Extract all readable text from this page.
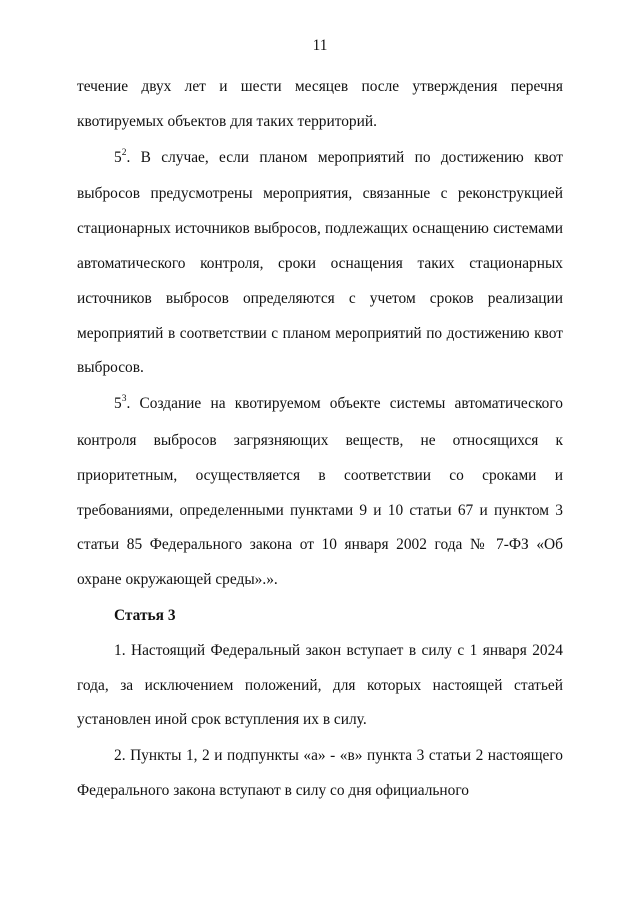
11

течение двух лет и шести месяцев после утверждения перечня квотируемых объектов для таких территорий.

$5^2$. В случае, если планом мероприятий по достижению квот выбросов предусмотрены мероприятия, связанные с реконструкцией стационарных источников выбросов, подлежащих оснащению системами автоматического контроля, сроки оснащения таких стационарных источников выбросов определяются с учетом сроков реализации мероприятий в соответствии с планом мероприятий по достижению квот выбросов.

$5^3$. Создание на квотируемом объекте системы автоматического контроля выбросов загрязняющих веществ, не относящихся к приоритетным, осуществляется в соответствии со сроками и требованиями, определенными пунктами 9 и 10 статьи 67 и пунктом 3 статьи 85 Федерального закона от 10 января 2002 года № 7-ФЗ «Об охране окружающей среды».».

Статья 3

1. Настоящий Федеральный закон вступает в силу с 1 января 2024 года, за исключением положений, для которых настоящей статьей установлен иной срок вступления их в силу.

2. Пункты 1, 2 и подпункты «а» - «в» пункта 3 статьи 2 настоящего Федерального закона вступают в силу со дня официального
